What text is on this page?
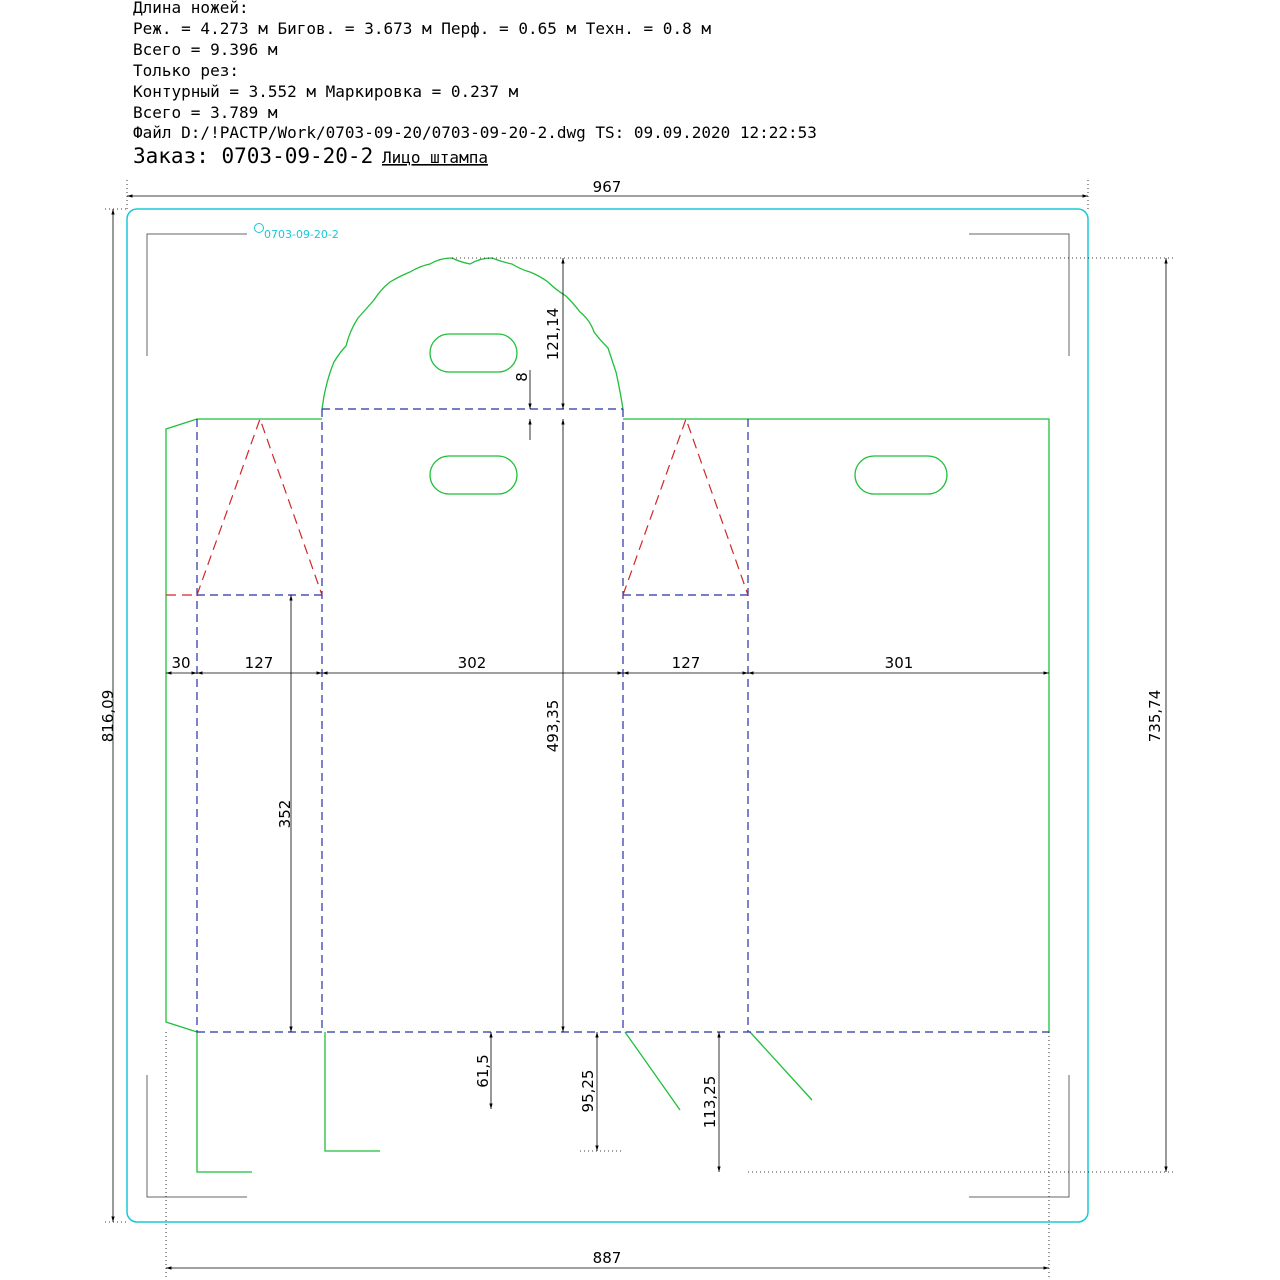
Длина ножей:
Реж. = 4.273 м Бигов. = 3.673 м Перф. = 0.65 м Техн. = 0.8 м
Всего = 9.396 м
Только рез:
Контурный = 3.552 м Маркировка = 0.237 м
Всего = 3.789 м
Файл D:/!РАСТР/Work/0703-09-20/0703-09-20-2.dwg TS: 09.09.2020 12:22:53
Заказ: 0703-09-20-2 Лицо штампа
0703-09-20-2
967
887
816,09	735,74
30	127	302	127	301
121,14
8
493,35
352
61,5	95,25	113,25
